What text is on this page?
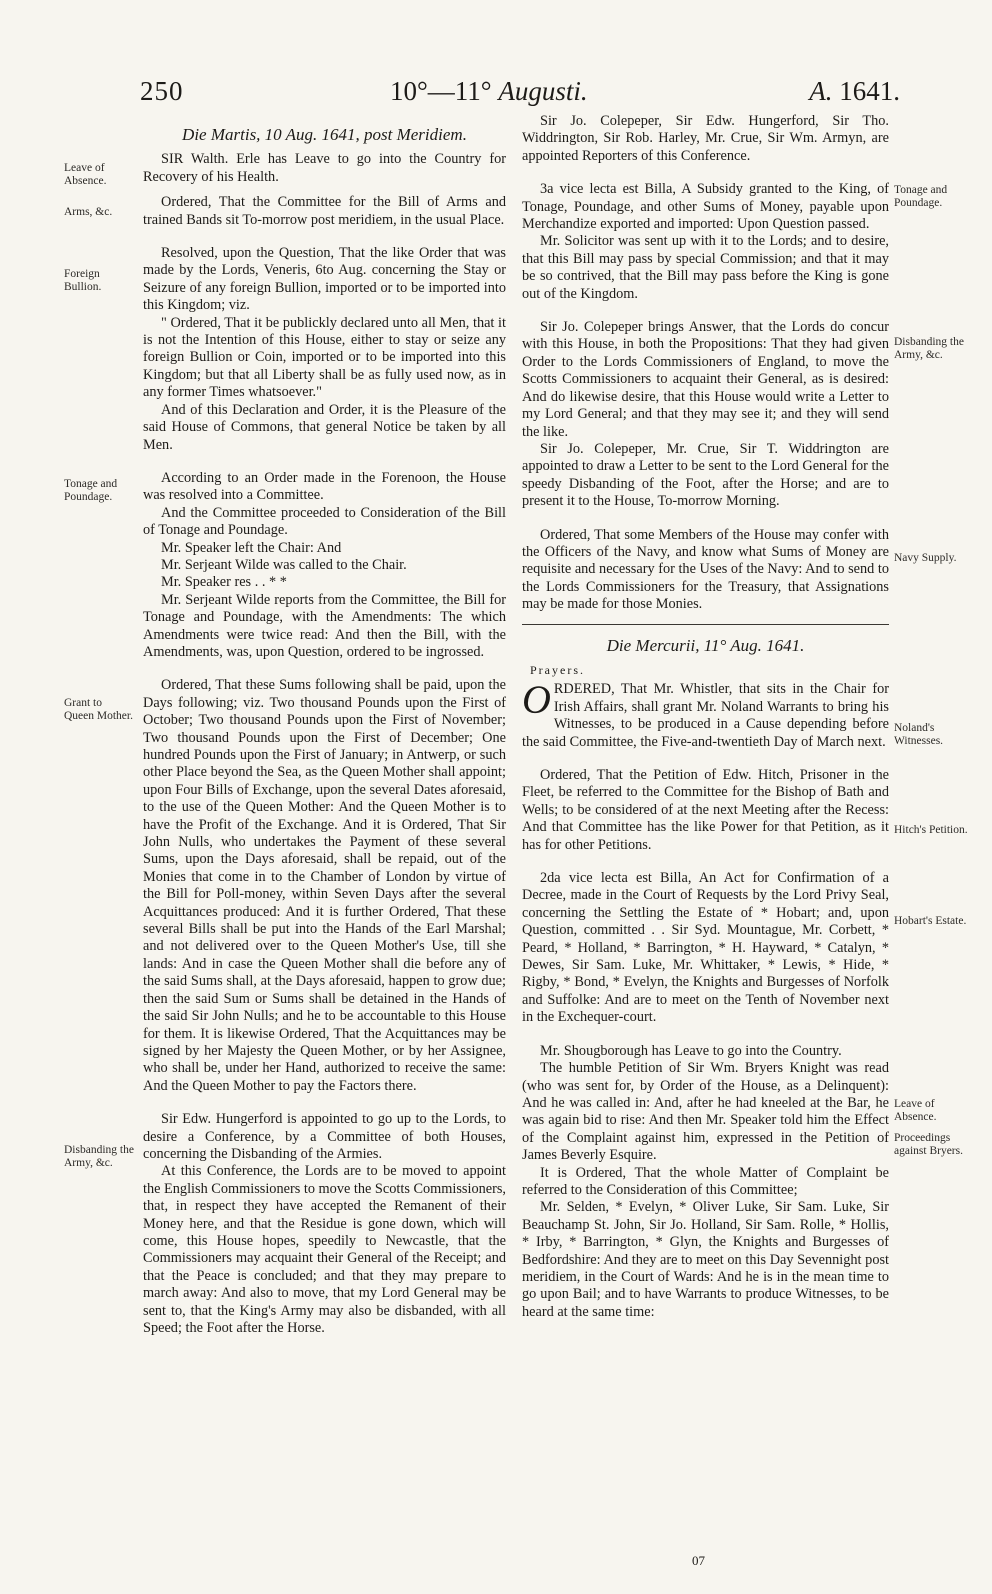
250	10°—11° Augusti.	A. 1641.
Leave of Absence.
Arms, &c.
Foreign Bullion.
Tonage and Poundage.
Grant to Queen Mother.
Disbanding the Army, &c.
Tonage and Poundage.
Disbanding the Army, &c.
Navy Supply.
Noland's Witnesses.
Hitch's Petition.
Hobart's Estate.
Leave of Absence.
Proceedings against Bryers.
Die Martis, 10 Aug. 1641, post Meridiem.

SIR Walth. Erle has Leave to go into the Country for Recovery of his Health.

Ordered, That the Committee for the Bill of Arms and trained Bands sit To-morrow post meridiem, in the usual Place.

Resolved, upon the Question, That the like Order that was made by the Lords, Veneris, 6to Aug. concerning the Stay or Seizure of any foreign Bullion, imported or to be imported into this Kingdom; viz.

" Ordered, That it be publickly declared unto all Men, that it is not the Intention of this House, either to stay or seize any foreign Bullion or Coin, imported or to be imported into this Kingdom; but that all Liberty shall be as fully used now, as in any former Times whatsoever."

And of this Declaration and Order, it is the Pleasure of the said House of Commons, that general Notice be taken by all Men.

According to an Order made in the Forenoon, the House was resolved into a Committee.

And the Committee proceeded to Consideration of the Bill of Tonage and Poundage.

Mr. Speaker left the Chair: And

Mr. Serjeant Wilde was called to the Chair.

Mr. Speaker res . . * *

Mr. Serjeant Wilde reports from the Committee, the Bill for Tonage and Poundage, with the Amendments: The which Amendments were twice read: And then the Bill, with the Amendments, was, upon Question, ordered to be ingrossed.

Ordered, That these Sums following shall be paid, upon the Days following; viz. Two thousand Pounds upon the First of October; Two thousand Pounds upon the First of November; Two thousand Pounds upon the First of December; One hundred Pounds upon the First of January; in Antwerp, or such other Place beyond the Sea, as the Queen Mother shall appoint; upon Four Bills of Exchange, upon the several Dates aforesaid, to the use of the Queen Mother: And the Queen Mother is to have the Profit of the Exchange. And it is Ordered, That Sir John Nulls, who undertakes the Payment of these several Sums, upon the Days aforesaid, shall be repaid, out of the Monies that come in to the Chamber of London by virtue of the Bill for Poll-money, within Seven Days after the several Acquittances produced: And it is further Ordered, That these several Bills shall be put into the Hands of the Earl Marshal; and not delivered over to the Queen Mother's Use, till she lands: And in case the Queen Mother shall die before any of the said Sums shall, at the Days aforesaid, happen to grow due; then the said Sum or Sums shall be detained in the Hands of the said Sir John Nulls; and he to be accountable to this House for them. It is likewise Ordered, That the Acquittances may be signed by her Majesty the Queen Mother, or by her Assignee, who shall be, under her Hand, authorized to receive the same: And the Queen Mother to pay the Factors there.

Sir Edw. Hungerford is appointed to go up to the Lords, to desire a Conference, by a Committee of both Houses, concerning the Disbanding of the Armies.

At this Conference, the Lords are to be moved to appoint the English Commissioners to move the Scotts Commissioners, that, in respect they have accepted the Remanent of their Money here, and that the Residue is gone down, which will come, this House hopes, speedily to Newcastle, that the Commissioners may acquaint their General of the Receipt; and that the Peace is concluded; and that they may prepare to march away: And also to move, that my Lord General may be sent to, that the King's Army may also be disbanded, with all Speed; the Foot after the Horse.

Sir Jo. Colepeper, Sir Edw. Hungerford, Sir Tho. Widdrington, Sir Rob. Harley, Mr. Crue, Sir Wm. Armyn, are appointed Reporters of this Conference.

3a vice lecta est Billa, A Subsidy granted to the King, of Tonage, Poundage, and other Sums of Money, payable upon Merchandize exported and imported: Upon Question passed.

Mr. Solicitor was sent up with it to the Lords; and to desire, that this Bill may pass by special Commission; and that it may be so contrived, that the Bill may pass before the King is gone out of the Kingdom.

Sir Jo. Colepeper brings Answer, that the Lords do concur with this House, in both the Propositions: That they had given Order to the Lords Commissioners of England, to move the Scotts Commissioners to acquaint their General, as is desired: And do likewise desire, that this House would write a Letter to my Lord General; and that they may see it; and they will send the like.

Sir Jo. Colepeper, Mr. Crue, Sir T. Widdrington are appointed to draw a Letter to be sent to the Lord General for the speedy Disbanding of the Foot, after the Horse; and are to present it to the House, To-morrow Morning.

Ordered, That some Members of the House may confer with the Officers of the Navy, and know what Sums of Money are requisite and necessary for the Uses of the Navy: And to send to the Lords Commissioners for the Treasury, that Assignations may be made for those Monies.

Die Mercurii, 11° Aug. 1641.

Prayers.

ORDERED, That Mr. Whistler, that sits in the Chair for Irish Affairs, shall grant Mr. Noland Warrants to bring his Witnesses, to be produced in a Cause depending before the said Committee, the Five-and-twentieth Day of March next.

Ordered, That the Petition of Edw. Hitch, Prisoner in the Fleet, be referred to the Committee for the Bishop of Bath and Wells; to be considered of at the next Meeting after the Recess: And that Committee has the like Power for that Petition, as it has for other Petitions.

2da vice lecta est Billa, An Act for Confirmation of a Decree, made in the Court of Requests by the Lord Privy Seal, concerning the Settling the Estate of * Hobart; and, upon Question, committed . . Sir Syd. Mountague, Mr. Corbett, * Peard, * Holland, * Barrington, * H. Hayward, * Catalyn, * Dewes, Sir Sam. Luke, Mr. Whittaker, * Lewis, * Hide, * Rigby, * Bond, * Evelyn, the Knights and Burgesses of Norfolk and Suffolke: And are to meet on the Tenth of November next in the Exchequer-court.

Mr. Shougborough has Leave to go into the Country.

The humble Petition of Sir Wm. Bryers Knight was read (who was sent for, by Order of the House, as a Delinquent): And he was called in: And, after he had kneeled at the Bar, he was again bid to rise: And then Mr. Speaker told him the Effect of the Complaint against him, expressed in the Petition of James Beverly Esquire.

It is Ordered, That the whole Matter of Complaint be referred to the Consideration of this Committee;

Mr. Selden, * Evelyn, * Oliver Luke, Sir Sam. Luke, Sir Beauchamp St. John, Sir Jo. Holland, Sir Sam. Rolle, * Hollis, * Irby, * Barrington, * Glyn, the Knights and Burgesses of Bedfordshire: And they are to meet on this Day Sevennight post meridiem, in the Court of Wards: And he is in the mean time to go upon Bail; and to have Warrants to produce Witnesses, to be heard at the same time:

07
